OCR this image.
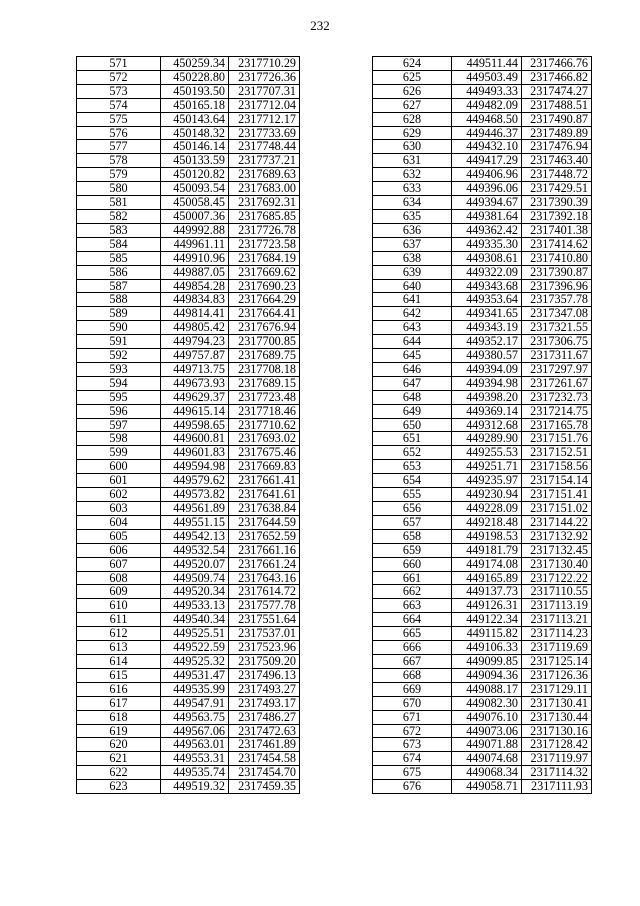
232
571	450259.34	2317710.29
572	450228.80	2317726.36
573	450193.50	2317707.31
574	450165.18	2317712.04
575	450143.64	2317712.17
576	450148.32	2317733.69
577	450146.14	2317748.44
578	450133.59	2317737.21
579	450120.82	2317689.63
580	450093.54	2317683.00
581	450058.45	2317692.31
582	450007.36	2317685.85
583	449992.88	2317726.78
584	449961.11	2317723.58
585	449910.96	2317684.19
586	449887.05	2317669.62
587	449854.28	2317690.23
588	449834.83	2317664.29
589	449814.41	2317664.41
590	449805.42	2317676.94
591	449794.23	2317700.85
592	449757.87	2317689.75
593	449713.75	2317708.18
594	449673.93	2317689.15
595	449629.37	2317723.48
596	449615.14	2317718.46
597	449598.65	2317710.62
598	449600.81	2317693.02
599	449601.83	2317675.46
600	449594.98	2317669.83
601	449579.62	2317661.41
602	449573.82	2317641.61
603	449561.89	2317638.84
604	449551.15	2317644.59
605	449542.13	2317652.59
606	449532.54	2317661.16
607	449520.07	2317661.24
608	449509.74	2317643.16
609	449520.34	2317614.72
610	449533.13	2317577.78
611	449540.34	2317551.64
612	449525.51	2317537.01
613	449522.59	2317523.96
614	449525.32	2317509.20
615	449531.47	2317496.13
616	449535.99	2317493.27
617	449547.91	2317493.17
618	449563.75	2317486.27
619	449567.06	2317472.63
620	449563.01	2317461.89
621	449553.31	2317454.58
622	449535.74	2317454.70
623	449519.32	2317459.35
624	449511.44	2317466.76
625	449503.49	2317466.82
626	449493.33	2317474.27
627	449482.09	2317488.51
628	449468.50	2317490.87
629	449446.37	2317489.89
630	449432.10	2317476.94
631	449417.29	2317463.40
632	449406.96	2317448.72
633	449396.06	2317429.51
634	449394.67	2317390.39
635	449381.64	2317392.18
636	449362.42	2317401.38
637	449335.30	2317414.62
638	449308.61	2317410.80
639	449322.09	2317390.87
640	449343.68	2317396.96
641	449353.64	2317357.78
642	449341.65	2317347.08
643	449343.19	2317321.55
644	449352.17	2317306.75
645	449380.57	2317311.67
646	449394.09	2317297.97
647	449394.98	2317261.67
648	449398.20	2317232.73
649	449369.14	2317214.75
650	449312.68	2317165.78
651	449289.90	2317151.76
652	449255.53	2317152.51
653	449251.71	2317158.56
654	449235.97	2317154.14
655	449230.94	2317151.41
656	449228.09	2317151.02
657	449218.48	2317144.22
658	449198.53	2317132.92
659	449181.79	2317132.45
660	449174.08	2317130.40
661	449165.89	2317122.22
662	449137.73	2317110.55
663	449126.31	2317113.19
664	449122.34	2317113.21
665	449115.82	2317114.23
666	449106.33	2317119.69
667	449099.85	2317125.14
668	449094.36	2317126.36
669	449088.17	2317129.11
670	449082.30	2317130.41
671	449076.10	2317130.44
672	449073.06	2317130.16
673	449071.88	2317128.42
674	449074.68	2317119.97
675	449068.34	2317114.32
676	449058.71	2317111.93
